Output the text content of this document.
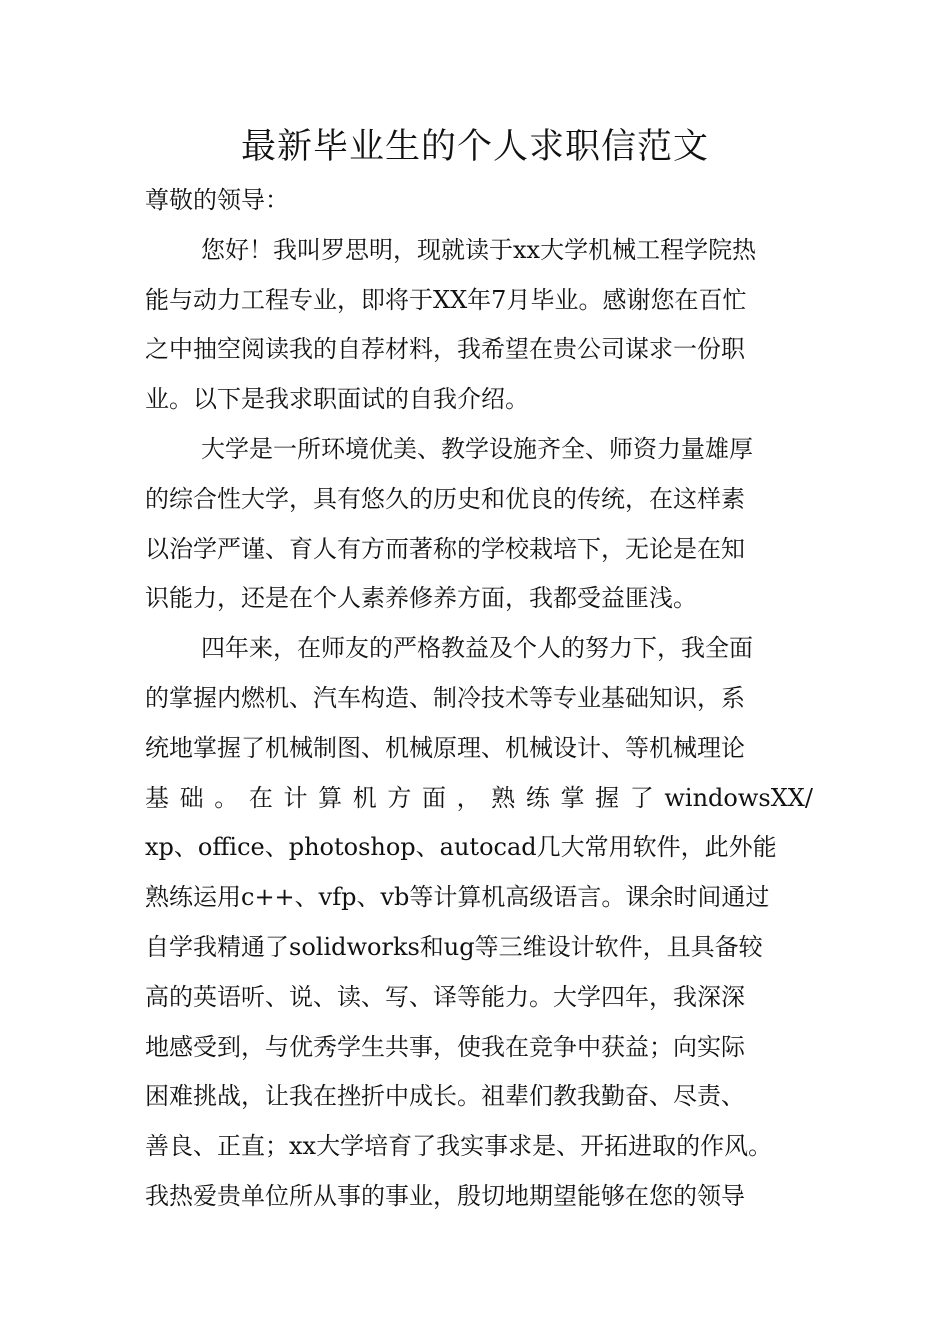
最新毕业生的个人求职信范文
尊敬的领导：
您好！我叫罗思明，现就读于xx大学机械工程学院热
能与动力工程专业，即将于XX年7月毕业。感谢您在百忙
之中抽空阅读我的自荐材料，我希望在贵公司谋求一份职
业。以下是我求职面试的自我介绍。
大学是一所环境优美、教学设施齐全、师资力量雄厚
的综合性大学，具有悠久的历史和优良的传统，在这样素
以治学严谨、育人有方而著称的学校栽培下，无论是在知
识能力，还是在个人素养修养方面，我都受益匪浅。
四年来，在师友的严格教益及个人的努力下，我全面
的掌握内燃机、汽车构造、制冷技术等专业基础知识，系
统地掌握了机械制图、机械原理、机械设计、等机械理论
基 础 。 在 计 算 机 方 面 ， 熟 练 掌 握 了 windowsXX/
xp、office、photoshop、autocad几大常用软件，此外能
熟练运用c++、vfp、vb等计算机高级语言。课余时间通过
自学我精通了solidworks和ug等三维设计软件，且具备较
高的英语听、说、读、写、译等能力。大学四年，我深深
地感受到，与优秀学生共事，使我在竞争中获益；向实际
困难挑战，让我在挫折中成长。祖辈们教我勤奋、尽责、
善良、正直；xx大学培育了我实事求是、开拓进取的作风。
我热爱贵单位所从事的事业，殷切地期望能够在您的领导
